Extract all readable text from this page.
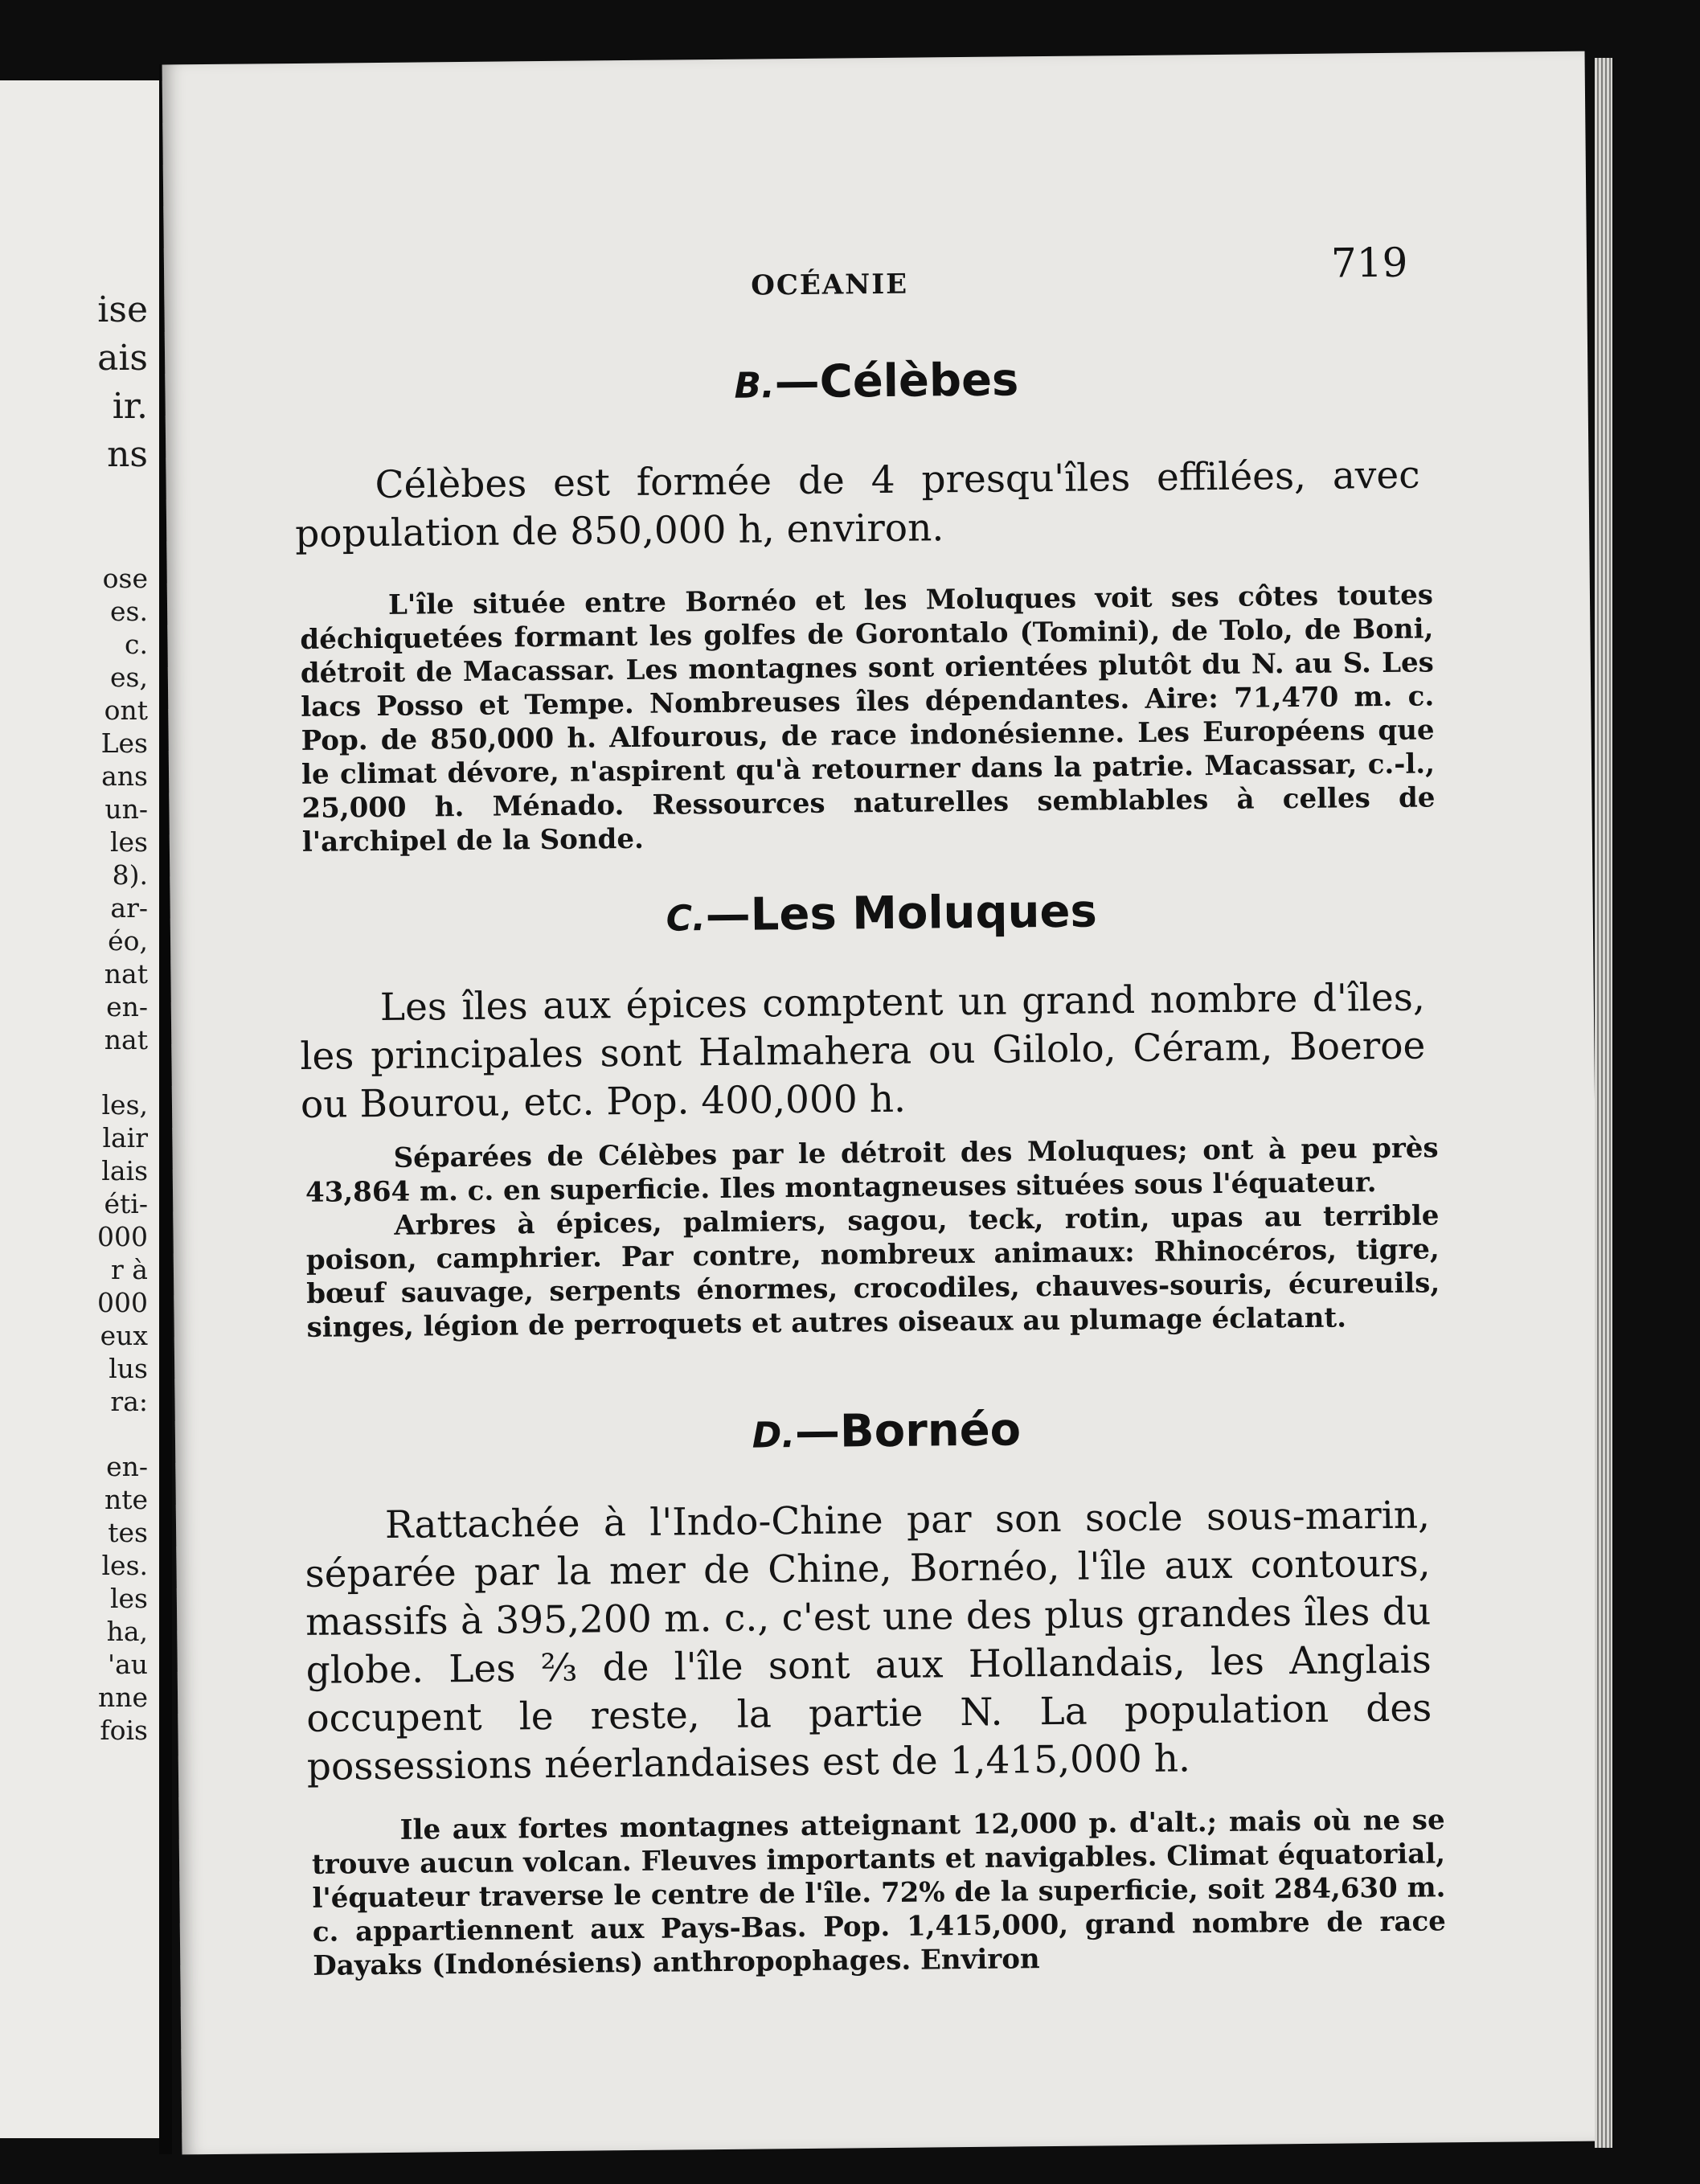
ise
ais
ir.
ns
ose
es.
c.
es,
ont
Les
ans
un-
les
8).
ar-
éo,
nat
en-
nat
les,
lair
lais
éti-
000
r à
000
eux
lus
ra:
en-
nte
tes
les.
les
ha,
'au
nne
fois
OCÉANIE	719
B.—Célèbes

Célèbes est formée de 4 presqu'îles effilées, avec population de 850,000 h, environ.

L'île située entre Bornéo et les Moluques voit ses côtes toutes déchiquetées formant les golfes de Gorontalo (Tomini), de Tolo, de Boni, détroit de Macassar. Les montagnes sont orientées plutôt du N. au S. Les lacs Posso et Tempe. Nombreuses îles dépendantes. Aire: 71,470 m. c. Pop. de 850,000 h. Alfourous, de race indonésienne. Les Européens que le climat dévore, n'aspirent qu'à retourner dans la patrie. Macassar, c.-l., 25,000 h. Ménado. Ressources naturelles semblables à celles de l'archipel de la Sonde.

C.—Les Moluques

Les îles aux épices comptent un grand nombre d'îles, les principales sont Halmahera ou Gilolo, Céram, Boeroe ou Bourou, etc. Pop. 400,000 h.

Séparées de Célèbes par le détroit des Moluques; ont à peu près 43,864 m. c. en superficie. Iles montagneuses situées sous l'équateur.

Arbres à épices, palmiers, sagou, teck, rotin, upas au terrible poison, camphrier. Par contre, nombreux animaux: Rhinocéros, tigre, bœuf sauvage, serpents énormes, crocodiles, chauves-souris, écureuils, singes, légion de perroquets et autres oiseaux au plumage éclatant.

D.—Bornéo

Rattachée à l'Indo-Chine par son socle sous-marin, séparée par la mer de Chine, Bornéo, l'île aux contours, massifs à 395,200 m. c., c'est une des plus grandes îles du globe. Les ⅔ de l'île sont aux Hollandais, les Anglais occupent le reste, la partie N. La population des possessions néerlandaises est de 1,415,000 h.

Ile aux fortes montagnes atteignant 12,000 p. d'alt.; mais où ne se trouve aucun volcan. Fleuves importants et navigables. Climat équatorial, l'équateur traverse le centre de l'île. 72% de la superficie, soit 284,630 m. c. appartiennent aux Pays-Bas. Pop. 1,415,000, grand nombre de race Dayaks (Indonésiens) anthropophages. Environ
